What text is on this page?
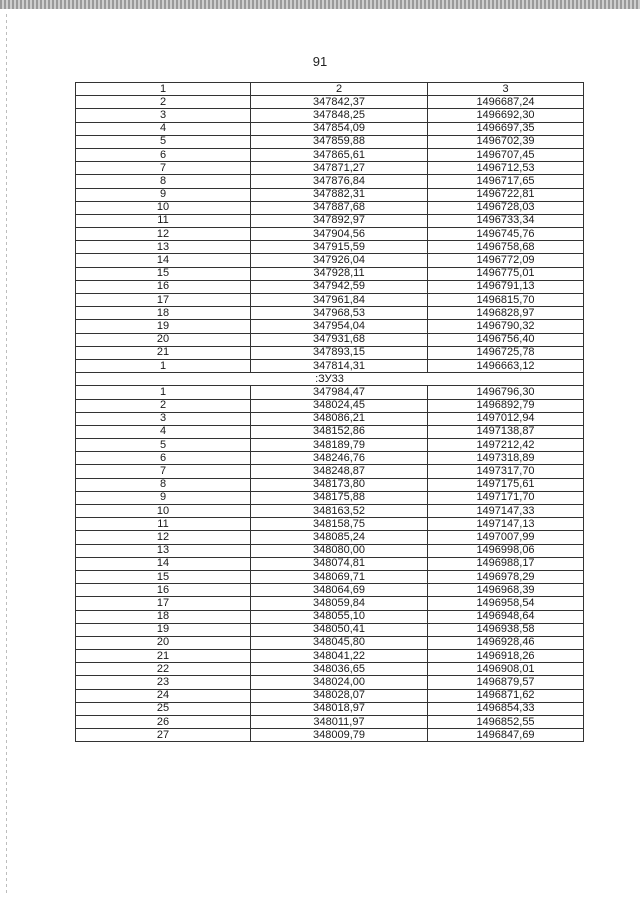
91
1	2	3
2	347842,37	1496687,24
3	347848,25	1496692,30
4	347854,09	1496697,35
5	347859,88	1496702,39
6	347865,61	1496707,45
7	347871,27	1496712,53
8	347876,84	1496717,65
9	347882,31	1496722,81
10	347887,68	1496728,03
11	347892,97	1496733,34
12	347904,56	1496745,76
13	347915,59	1496758,68
14	347926,04	1496772,09
15	347928,11	1496775,01
16	347942,59	1496791,13
17	347961,84	1496815,70
18	347968,53	1496828,97
19	347954,04	1496790,32
20	347931,68	1496756,40
21	347893,15	1496725,78
1	347814,31	1496663,12
:ЗУ33		
1	347984,47	1496796,30
2	348024,45	1496892,79
3	348086,21	1497012,94
4	348152,86	1497138,87
5	348189,79	1497212,42
6	348246,76	1497318,89
7	348248,87	1497317,70
8	348173,80	1497175,61
9	348175,88	1497171,70
10	348163,52	1497147,33
11	348158,75	1497147,13
12	348085,24	1497007,99
13	348080,00	1496998,06
14	348074,81	1496988,17
15	348069,71	1496978,29
16	348064,69	1496968,39
17	348059,84	1496958,54
18	348055,10	1496948,64
19	348050,41	1496938,58
20	348045,80	1496928,46
21	348041,22	1496918,26
22	348036,65	1496908,01
23	348024,00	1496879,57
24	348028,07	1496871,62
25	348018,97	1496854,33
26	348011,97	1496852,55
27	348009,79	1496847,69
